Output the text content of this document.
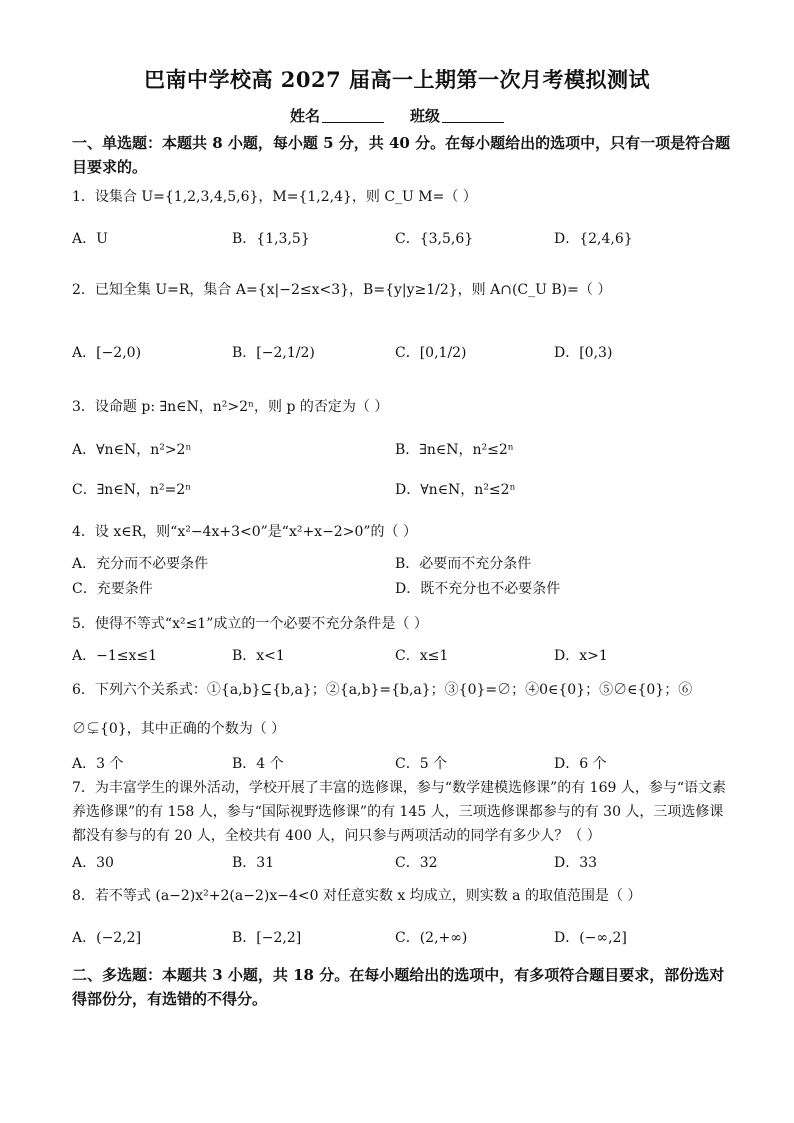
巴南中学校高 2027 届高一上期第一次月考模拟测试
姓名	班级
一、单选题：本题共 8 小题，每小题 5 分，共 40 分。在每小题给出的选项中，只有一项是符合题目要求的。
1．设集合 U={1,2,3,4,5,6}，M={1,2,4}，则 C_U M=（ ）
A．U	B．{1,3,5}	C．{3,5,6}	D．{2,4,6}
2．已知全集 U=R，集合 A={x|−2≤x<3}，B={y|y≥1/2}，则 A∩(C_U B)=（ ）
A．[−2,0)	B．[−2,1/2)	C．[0,1/2)	D．[0,3)
3．设命题 p: ∃n∈N，n²>2ⁿ，则 p 的否定为（ ）
A．∀n∈N，n²>2ⁿ	B．∃n∈N，n²≤2ⁿ
C．∃n∈N，n²=2ⁿ	D．∀n∈N，n²≤2ⁿ
4．设 x∈R，则“x²−4x+3<0”是“x²+x−2>0”的（ ）
A．充分而不必要条件	B．必要而不充分条件
C．充要条件	D．既不充分也不必要条件
5．使得不等式“x²≤1”成立的一个必要不充分条件是（ ）
A．−1≤x≤1	B．x<1	C．x≤1	D．x>1
6．下列六个关系式：①{a,b}⊆{b,a}；②{a,b}={b,a}；③{0}=∅；④0∈{0}；⑤∅∈{0}；⑥
∅⊊{0}，其中正确的个数为（ ）
A．3 个	B．4 个	C．5 个	D．6 个
7．为丰富学生的课外活动，学校开展了丰富的选修课，参与“数学建模选修课”的有 169 人，参与“语文素养选修课”的有 158 人，参与“国际视野选修课”的有 145 人，三项选修课都参与的有 30 人，三项选修课都没有参与的有 20 人，全校共有 400 人，问只参与两项活动的同学有多少人？（ ）
A．30	B．31	C．32	D．33
8．若不等式 (a−2)x²+2(a−2)x−4<0 对任意实数 x 均成立，则实数 a 的取值范围是（ ）
A．(−2,2]	B．[−2,2]	C．(2,+∞)	D．(−∞,2]
二、多选题：本题共 3 小题，共 18 分。在每小题给出的选项中，有多项符合题目要求，部份选对得部份分，有选错的不得分。
